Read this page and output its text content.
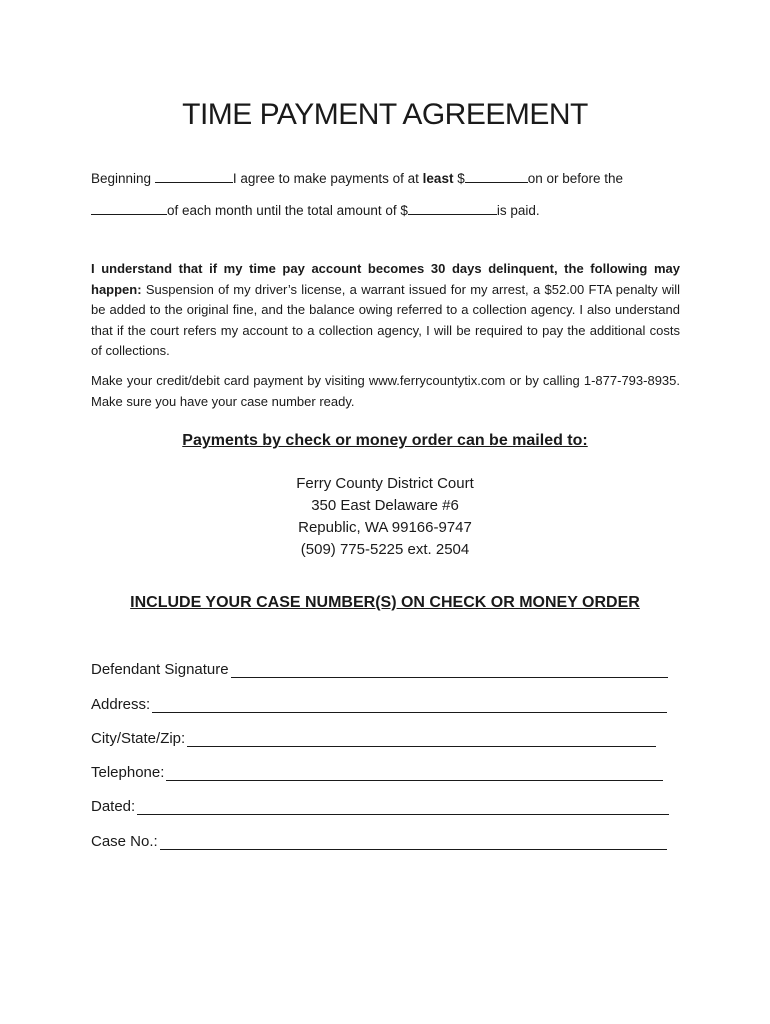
TIME PAYMENT AGREEMENT
Beginning	I agree to make payments of at least $	on or before the
of each month until the total amount of $	is paid.

I understand that if my time pay account becomes 30 days delinquent, the following may happen: Suspension of my driver’s license, a warrant issued for my arrest, a $52.00 FTA penalty will be added to the original fine, and the balance owing referred to a collection agency. I also understand that if the court refers my account to a collection agency, I will be required to pay the additional costs of collections.

Make your credit/debit card payment by visiting www.ferrycountytix.com or by calling 1-877-793-8935. Make sure you have your case number ready.

Payments by check or money order can be mailed to:
Ferry County District Court
350 East Delaware #6
Republic, WA 99166-9747
(509) 775-5225 ext. 2504
INCLUDE YOUR CASE NUMBER(S) ON CHECK OR MONEY ORDER
Defendant Signature
Address:
City/State/Zip:
Telephone:
Dated:
Case No.:
